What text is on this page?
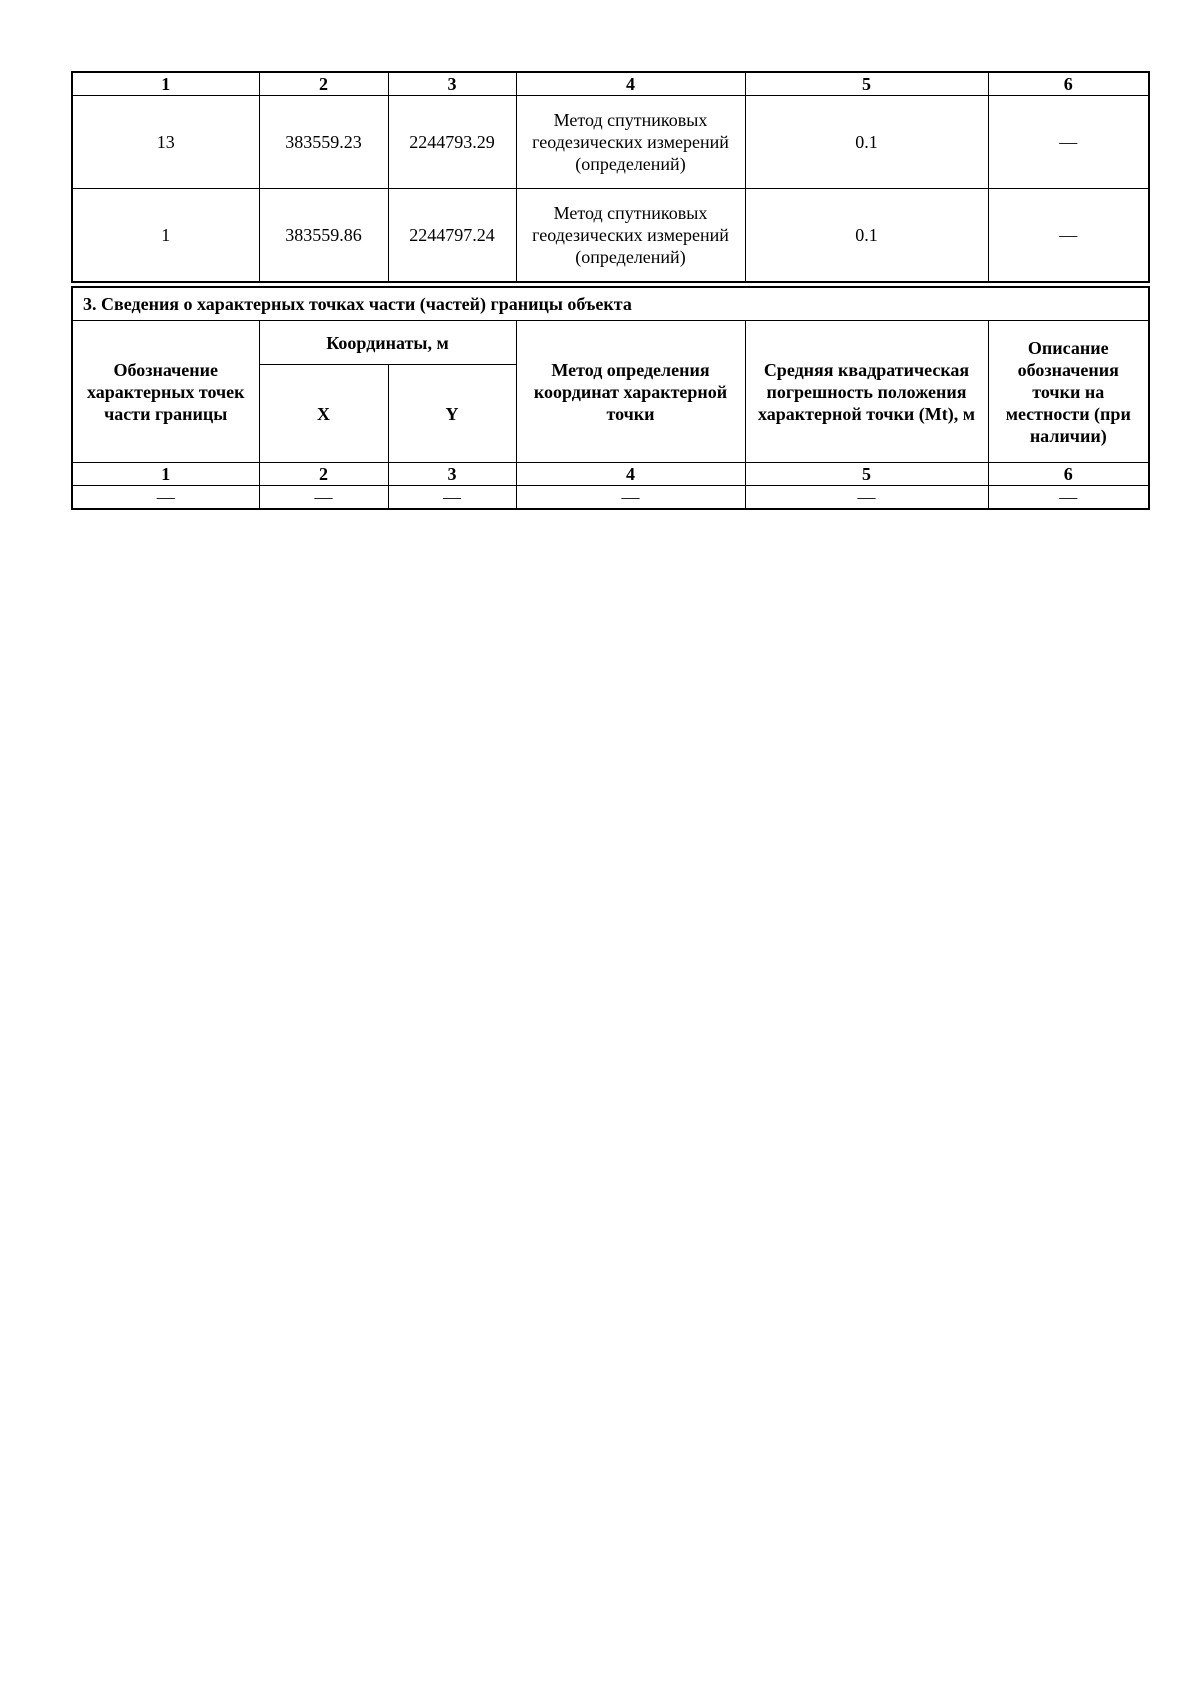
1	2	3	4	5	6
13	383559.23	2244793.29	Метод спутниковых геодезических измерений (определений)	0.1	—
1	383559.86	2244797.24	Метод спутниковых геодезических измерений (определений)	0.1	—
3. Сведения о характерных точках части (частей) границы объекта					
Обозначение характерных точек части границы	Координаты, м		Метод определения координат характерной точки	Средняя квадратическая погрешность положения характерной точки (Mt), м	Описание обозначения точки на местности (при наличии)
	X	Y			
1	2	3	4	5	6
—	—	—	—	—	—
